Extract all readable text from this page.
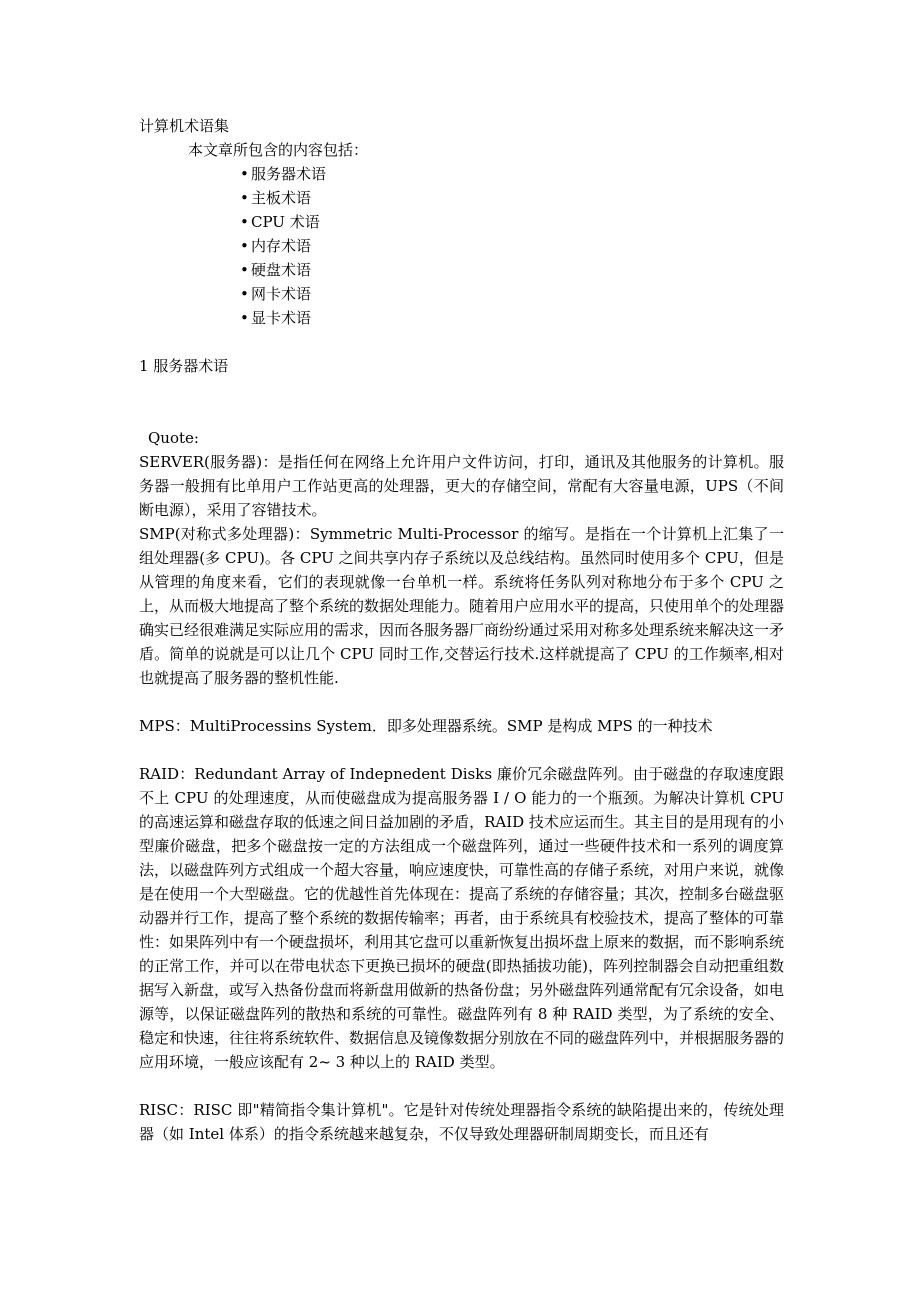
计算机术语集
本文章所包含的内容包括：
• 服务器术语
• 主板术语
• CPU 术语
• 内存术语
• 硬盘术语
• 网卡术语
• 显卡术语
1 服务器术语
Quote:

SERVER(服务器)：是指任何在网络上允许用户文件访问，打印，通讯及其他服务的计算机。服务器一般拥有比单用户工作站更高的处理器，更大的存储空间，常配有大容量电源，UPS（不间断电源），采用了容错技术。

SMP(对称式多处理器)：Symmetric Multi-Processor 的缩写。是指在一个计算机上汇集了一组处理器(多 CPU)。各 CPU 之间共享内存子系统以及总线结构。虽然同时使用多个 CPU，但是从管理的角度来看，它们的表现就像一台单机一样。系统将任务队列对称地分布于多个 CPU 之上，从而极大地提高了整个系统的数据处理能力。随着用户应用水平的提高，只使用单个的处理器确实已经很难满足实际应用的需求，因而各服务器厂商纷纷通过采用对称多处理系统来解决这一矛盾。简单的说就是可以让几个 CPU 同时工作,交替运行技术.这样就提高了 CPU 的工作频率,相对也就提高了服务器的整机性能.

MPS：MultiProcessins System．即多处理器系统。SMP 是构成 MPS 的一种技术

RAID：Redundant Array of Indepnedent Disks 廉价冗余磁盘阵列。由于磁盘的存取速度跟不上 CPU 的处理速度，从而使磁盘成为提高服务器 I / O 能力的一个瓶颈。为解决计算机 CPU 的高速运算和磁盘存取的低速之间日益加剧的矛盾，RAID 技术应运而生。其主目的是用现有的小型廉价磁盘，把多个磁盘按一定的方法组成一个磁盘阵列，通过一些硬件技术和一系列的调度算法，以磁盘阵列方式组成一个超大容量，响应速度快，可靠性高的存储子系统，对用户来说，就像是在使用一个大型磁盘。它的优越性首先体现在：提高了系统的存储容量；其次，控制多台磁盘驱动器并行工作，提高了整个系统的数据传输率；再者，由于系统具有校验技术，提高了整体的可靠性：如果阵列中有一个硬盘损坏，利用其它盘可以重新恢复出损坏盘上原来的数据，而不影响系统的正常工作，并可以在带电状态下更换已损坏的硬盘(即热插拔功能)，阵列控制器会自动把重组数据写入新盘，或写入热备份盘而将新盘用做新的热备份盘；另外磁盘阵列通常配有冗余设备，如电源等，以保证磁盘阵列的散热和系统的可靠性。磁盘阵列有 8 种 RAID 类型，为了系统的安全、稳定和快速，往往将系统软件、数据信息及镜像数据分别放在不同的磁盘阵列中，并根据服务器的应用环境，一般应该配有 2~ 3 种以上的 RAID 类型。

RISC：RISC 即"精简指令集计算机"。它是针对传统处理器指令系统的缺陷提出来的，传统处理器（如 Intel 体系）的指令系统越来越复杂，不仅导致处理器研制周期变长，而且还有
